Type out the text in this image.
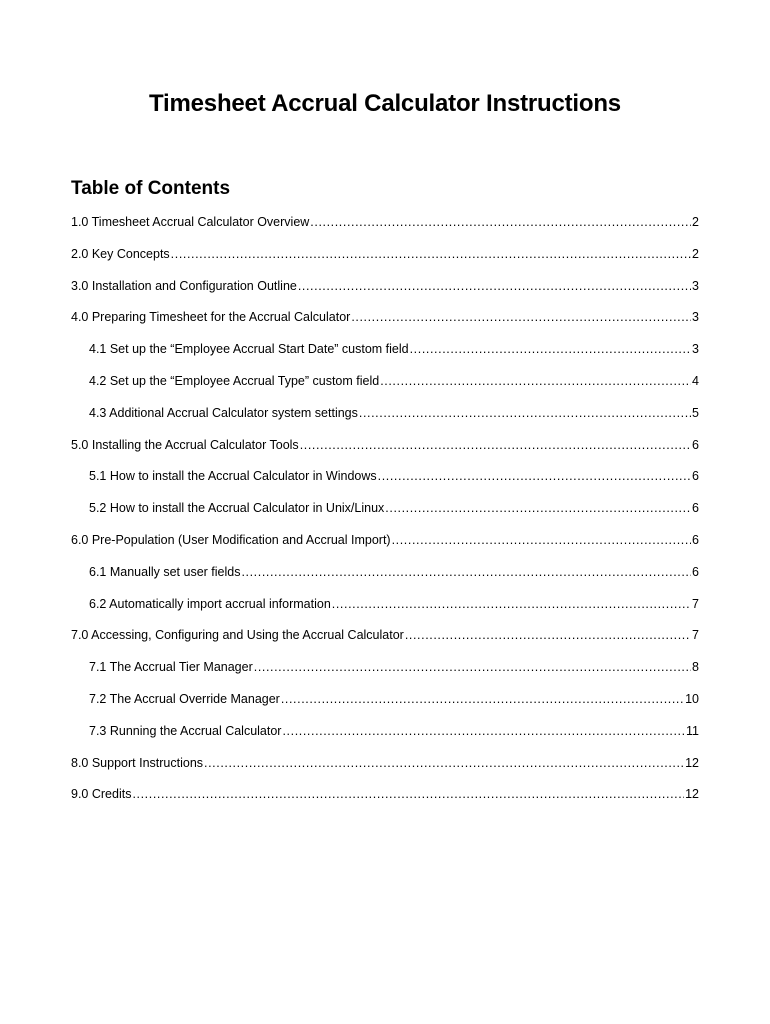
Timesheet Accrual Calculator Instructions
Table of Contents
1.0 Timesheet Accrual Calculator Overview .....	2
2.0 Key Concepts .....	2
3.0 Installation and Configuration Outline .....	3
4.0 Preparing Timesheet for the Accrual Calculator .....	3
4.1 Set up the “Employee Accrual Start Date” custom field .....	3
4.2 Set up the “Employee Accrual Type” custom field .....	4
4.3 Additional Accrual Calculator system settings .....	5
5.0 Installing the Accrual Calculator Tools .....	6
5.1 How to install the Accrual Calculator in Windows .....	6
5.2 How to install the Accrual Calculator in Unix/Linux .....	6
6.0 Pre-Population (User Modification and Accrual Import) .....	6
6.1 Manually set user fields .....	6
6.2 Automatically import accrual information .....	7
7.0 Accessing, Configuring and Using the Accrual Calculator .....	7
7.1 The Accrual Tier Manager .....	8
7.2 The Accrual Override Manager .....	10
7.3 Running the Accrual Calculator .....	11
8.0 Support Instructions .....	12
9.0 Credits .....	12
